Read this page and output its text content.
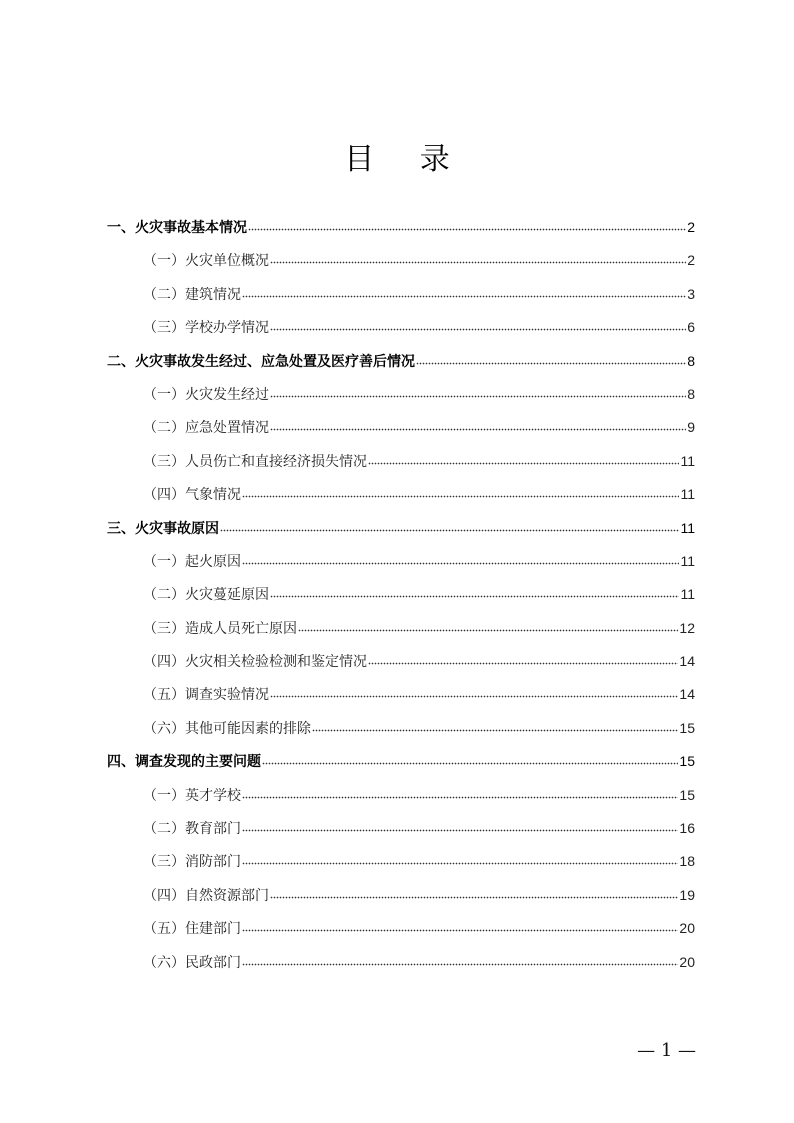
目 录
一、火灾事故基本情况	2
（一）火灾单位概况	2
（二）建筑情况	3
（三）学校办学情况	6
二、火灾事故发生经过、应急处置及医疗善后情况	8
（一）火灾发生经过	8
（二）应急处置情况	9
（三）人员伤亡和直接经济损失情况	11
（四）气象情况	11
三、火灾事故原因	11
（一）起火原因	11
（二）火灾蔓延原因	11
（三）造成人员死亡原因	12
（四）火灾相关检验检测和鉴定情况	14
（五）调查实验情况	14
（六）其他可能因素的排除	15
四、调查发现的主要问题	15
（一）英才学校	15
（二）教育部门	16
（三）消防部门	18
（四）自然资源部门	19
（五）住建部门	20
（六）民政部门	20
— 1 —
